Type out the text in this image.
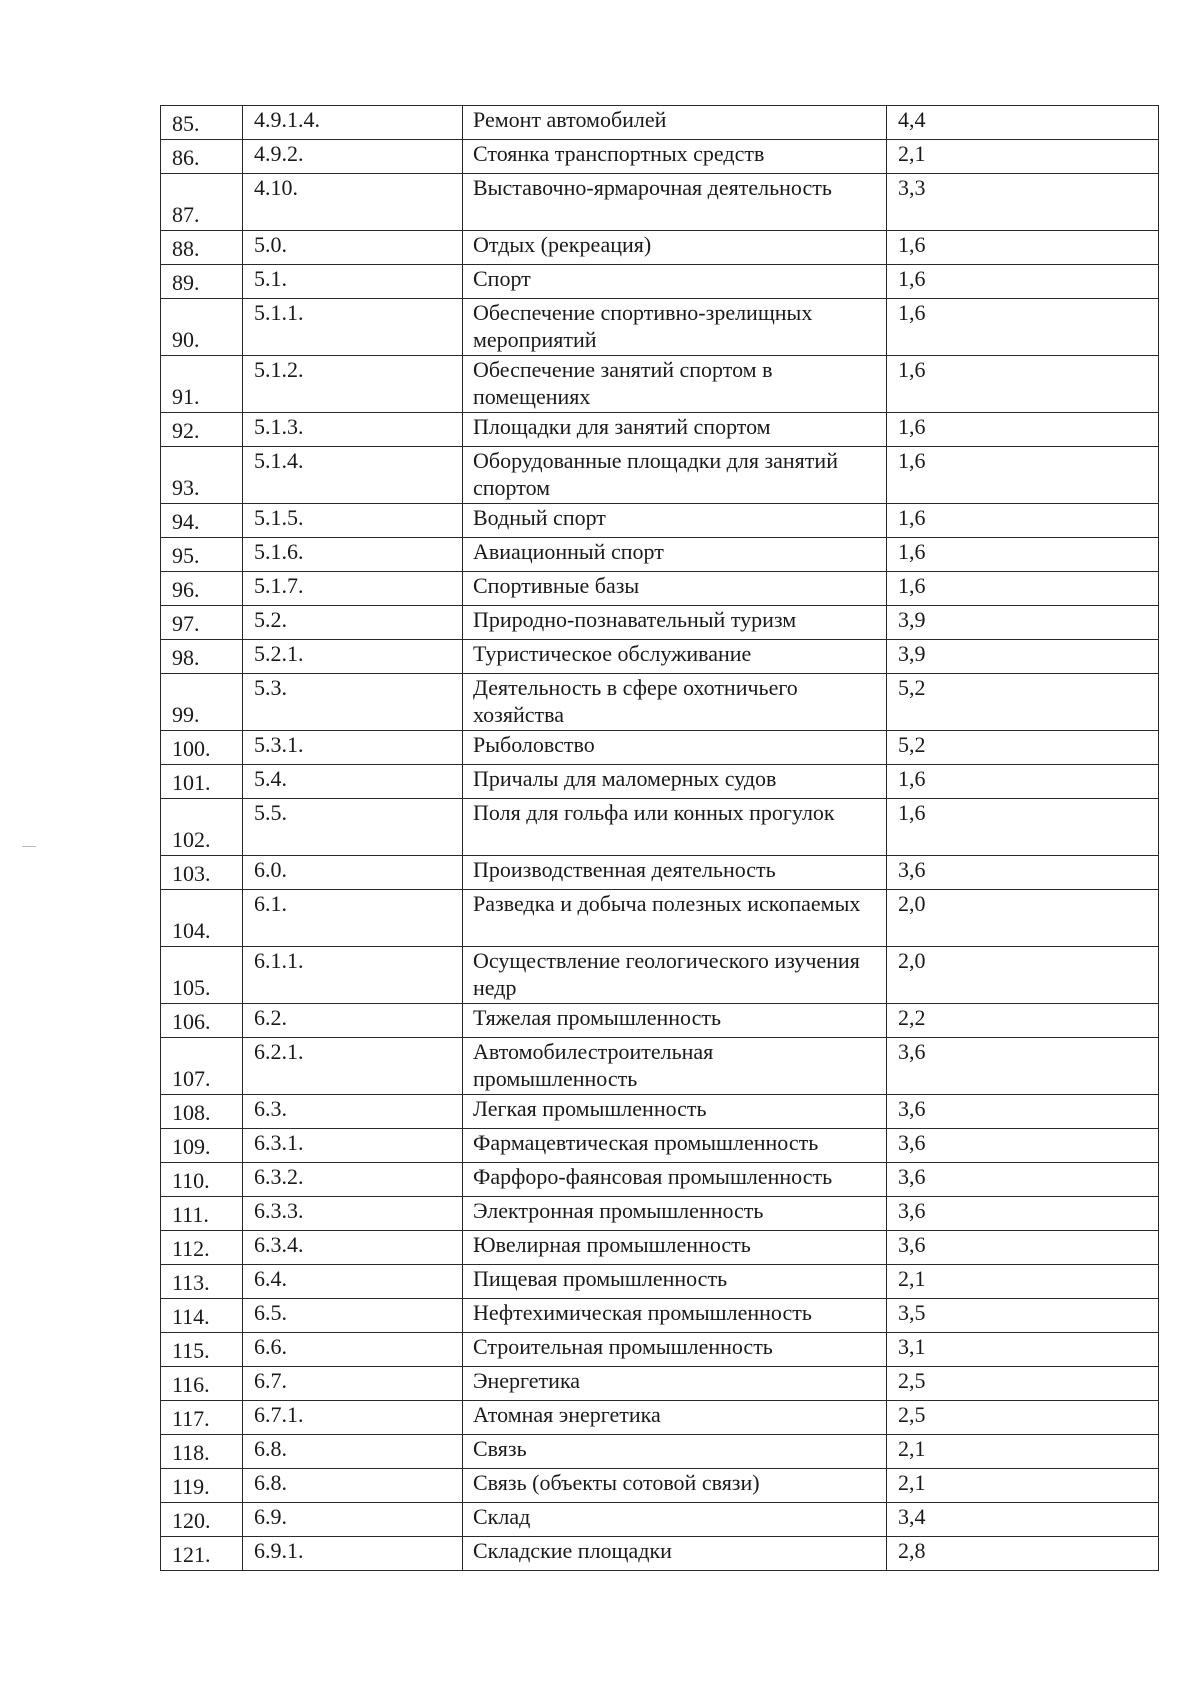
85.	4.9.1.4.	Ремонт автомобилей	4,4
86.	4.9.2.	Стоянка транспортных средств	2,1
87.	4.10.	Выставочно-ярмарочная деятельность	3,3
88.	5.0.	Отдых (рекреация)	1,6
89.	5.1.	Спорт	1,6
90.	5.1.1.	Обеспечение спортивно-зрелищных мероприятий	1,6
91.	5.1.2.	Обеспечение занятий спортом в помещениях	1,6
92.	5.1.3.	Площадки для занятий спортом	1,6
93.	5.1.4.	Оборудованные площадки для занятий спортом	1,6
94.	5.1.5.	Водный спорт	1,6
95.	5.1.6.	Авиационный спорт	1,6
96.	5.1.7.	Спортивные базы	1,6
97.	5.2.	Природно-познавательный туризм	3,9
98.	5.2.1.	Туристическое обслуживание	3,9
99.	5.3.	Деятельность в сфере охотничьего хозяйства	5,2
100.	5.3.1.	Рыболовство	5,2
101.	5.4.	Причалы для маломерных судов	1,6
102.	5.5.	Поля для гольфа или конных прогулок	1,6
103.	6.0.	Производственная деятельность	3,6
104.	6.1.	Разведка и добыча полезных ископаемых	2,0
105.	6.1.1.	Осуществление геологического изучения недр	2,0
106.	6.2.	Тяжелая промышленность	2,2
107.	6.2.1.	Автомобилестроительная промышленность	3,6
108.	6.3.	Легкая промышленность	3,6
109.	6.3.1.	Фармацевтическая промышленность	3,6
110.	6.3.2.	Фарфоро-фаянсовая промышленность	3,6
111.	6.3.3.	Электронная промышленность	3,6
112.	6.3.4.	Ювелирная промышленность	3,6
113.	6.4.	Пищевая промышленность	2,1
114.	6.5.	Нефтехимическая промышленность	3,5
115.	6.6.	Строительная промышленность	3,1
116.	6.7.	Энергетика	2,5
117.	6.7.1.	Атомная энергетика	2,5
118.	6.8.	Связь	2,1
119.	6.8.	Связь (объекты сотовой связи)	2,1
120.	6.9.	Склад	3,4
121.	6.9.1.	Складские площадки	2,8
